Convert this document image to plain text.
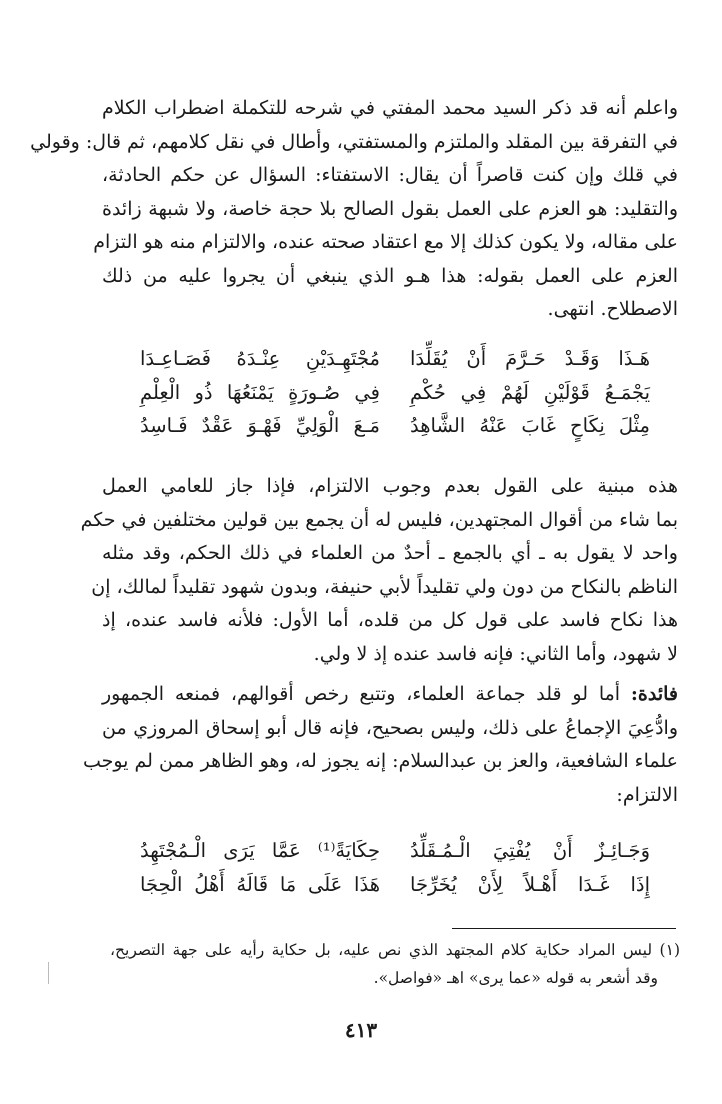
واعلم أنه قد ذكر السيد محمد المفتي في شرحه للتكملة اضطراب الكلام
في التفرقة بين المقلد والملتزم والمستفتي، وأطال في نقل كلامهم، ثم قال: وقولي
في قلك وإن كنت قاصراً أن يقال: الاستفتاء: السؤال عن حكم الحادثة،
والتقليد: هو العزم على العمل بقول الصالح بلا حجة خاصة، ولا شبهة زائدة
على مقاله، ولا يكون كذلك إلا مع اعتقاد صحته عنده، والالتزام منه هو التزام
العزم على العمل بقوله: هذا هـو الذي ينبغي أن يجروا عليه من ذلك
الاصطلاح. انتهى.
هَـذَا وَقَـدْ حَـرَّمَ أَنْ يُقَلِّدَا
مُجْتَهِـدَيْنِ عِنْـدَهُ فَصَـاعِـدَا
يَجْمَـعُ قَوْلَيْنِ لَهُمْ فِي حُكْمِ
فِي صُـورَةٍ يَمْنَعُهَا ذُو الْعِلْمِ
مِثْلَ نِكَاحٍ غَابَ عَنْهُ الشَّاهِدُ
مَـعَ الْوَلِيِّ فَهْـوَ عَقْدٌ فَـاسِدُ
هذه مبنية على القول بعدم وجوب الالتزام، فإذا جاز للعامي العمل
بما شاء من أقوال المجتهدين، فليس له أن يجمع بين قولين مختلفين في حكم
واحد لا يقول به ـ أي بالجمع ـ أحدٌ من العلماء في ذلك الحكم، وقد مثله
الناظم بالنكاح من دون ولي تقليداً لأبي حنيفة، وبدون شهود تقليداً لمالك، إن
هذا نكاح فاسد على قول كل من قلده، أما الأول: فلأنه فاسد عنده، إذ
لا شهود، وأما الثاني: فإنه فاسد عنده إذ لا ولي.
فائدة: أما لو قلد جماعة العلماء، وتتبع رخص أقوالهم، فمنعه الجمهور
وادُّعِيَ الإجماعُ على ذلك، وليس بصحيح، فإنه قال أبو إسحاق المروزي من
علماء الشافعية، والعز بن عبدالسلام: إنه يجوز له، وهو الظاهر ممن لم يوجب
الالتزام:
وَجَـائِـزٌ أَنْ يُفْتِيَ الْـمُـقَلِّدُ
حِكَايَةً⁽¹⁾ عَمَّا يَرَى الْـمُجْتَهِدُ
إِذَا غَـدَا أَهْـلاً لِأَنْ يُخَرِّجَا
هَذَا عَلَى مَا قَالَهُ أَهْلُ الْحِجَا
(١) ليس المراد حكاية كلام المجتهد الذي نص عليه، بل حكاية رأيه على جهة التصريح،
وقد أشعر به قوله «عما يرى» اهـ «فواصل».
٤١٣
